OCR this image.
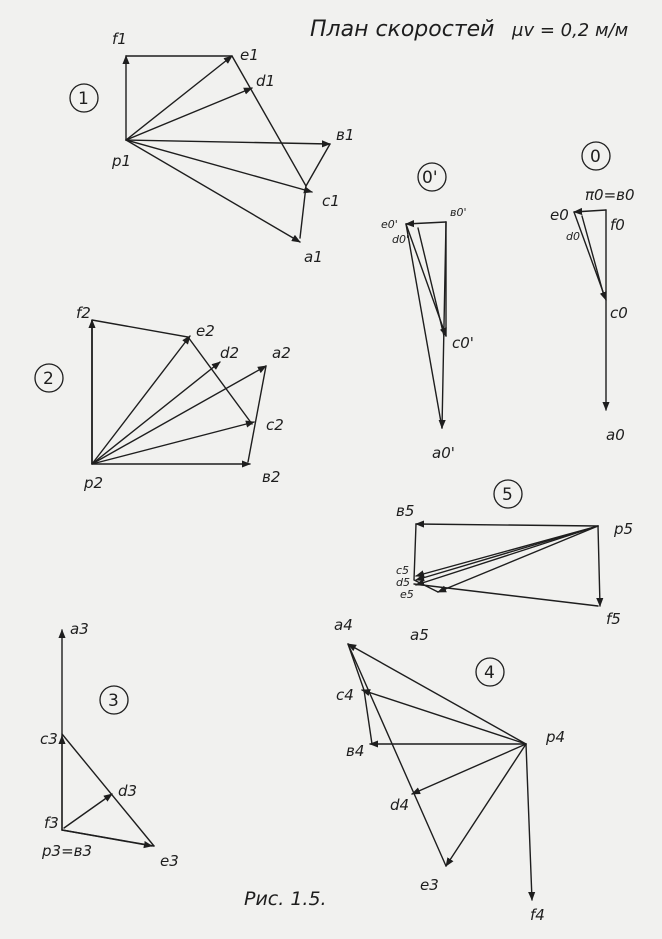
План скоростей μv = 0,2 м/м
1
p1
f1
e1
d1
в1
c1
a1
2
p2
f2
e2
d2 a2
c2
в2
0'
e0'
d0'
в0'
c0'
a0'
0
π0=в0
e0
d0
f0
c0
a0
5
в5
p5
c5
d5
e5
a5
f5
4
a4
c4
в4
d4
p4
e3
f4
3
a3
c3
d3
f3
p3=в3
e3
Рис. 1.5.
